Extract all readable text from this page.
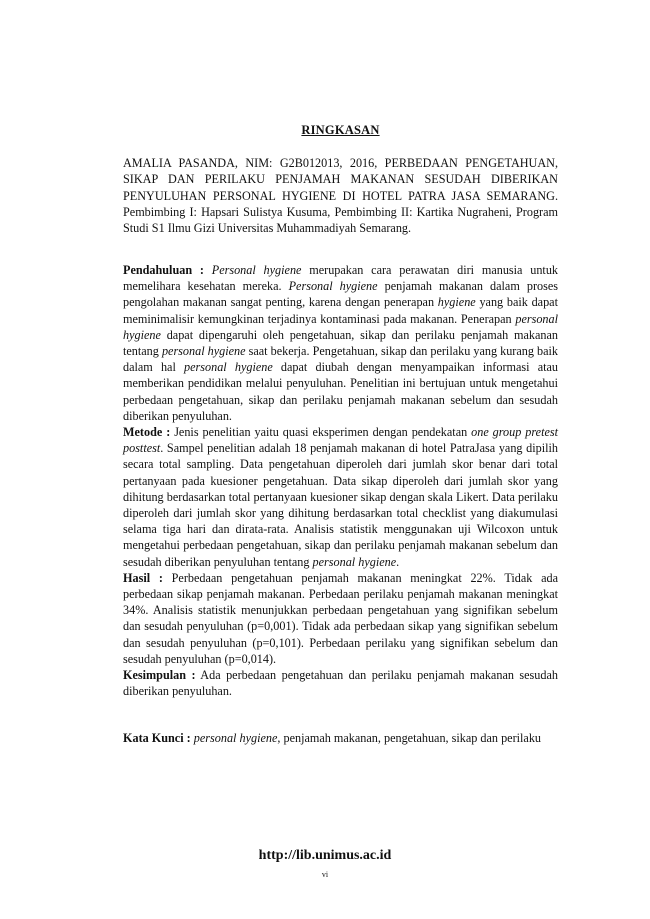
RINGKASAN
AMALIA PASANDA, NIM: G2B012013, 2016, PERBEDAAN PENGETAHUAN, SIKAP DAN PERILAKU PENJAMAH MAKANAN SESUDAH DIBERIKAN PENYULUHAN PERSONAL HYGIENE DI HOTEL PATRA JASA SEMARANG. Pembimbing I: Hapsari Sulistya Kusuma, Pembimbing II: Kartika Nugraheni, Program Studi S1 Ilmu Gizi Universitas Muhammadiyah Semarang.

Pendahuluan : Personal hygiene merupakan cara perawatan diri manusia untuk memelihara kesehatan mereka. Personal hygiene penjamah makanan dalam proses pengolahan makanan sangat penting, karena dengan penerapan hygiene yang baik dapat meminimalisir kemungkinan terjadinya kontaminasi pada makanan. Penerapan personal hygiene dapat dipengaruhi oleh pengetahuan, sikap dan perilaku penjamah makanan tentang personal hygiene saat bekerja. Pengetahuan, sikap dan perilaku yang kurang baik dalam hal personal hygiene dapat diubah dengan menyampaikan informasi atau memberikan pendidikan melalui penyuluhan. Penelitian ini bertujuan untuk mengetahui perbedaan pengetahuan, sikap dan perilaku penjamah makanan sebelum dan sesudah diberikan penyuluhan.

Metode : Jenis penelitian yaitu quasi eksperimen dengan pendekatan one group pretest posttest. Sampel penelitian adalah 18 penjamah makanan di hotel PatraJasa yang dipilih secara total sampling. Data pengetahuan diperoleh dari jumlah skor benar dari total pertanyaan pada kuesioner pengetahuan. Data sikap diperoleh dari jumlah skor yang dihitung berdasarkan total pertanyaan kuesioner sikap dengan skala Likert. Data perilaku diperoleh dari jumlah skor yang dihitung berdasarkan total checklist yang diakumulasi selama tiga hari dan dirata-rata. Analisis statistik menggunakan uji Wilcoxon untuk mengetahui perbedaan pengetahuan, sikap dan perilaku penjamah makanan sebelum dan sesudah diberikan penyuluhan tentang personal hygiene.

Hasil : Perbedaan pengetahuan penjamah makanan meningkat 22%. Tidak ada perbedaan sikap penjamah makanan. Perbedaan perilaku penjamah makanan meningkat 34%. Analisis statistik menunjukkan perbedaan pengetahuan yang signifikan sebelum dan sesudah penyuluhan (p=0,001). Tidak ada perbedaan sikap yang signifikan sebelum dan sesudah penyuluhan (p=0,101). Perbedaan perilaku yang signifikan sebelum dan sesudah penyuluhan (p=0,014).

Kesimpulan : Ada perbedaan pengetahuan dan perilaku penjamah makanan sesudah diberikan penyuluhan.

Kata Kunci : personal hygiene, penjamah makanan, pengetahuan, sikap dan perilaku
http://lib.unimus.ac.id
vi
